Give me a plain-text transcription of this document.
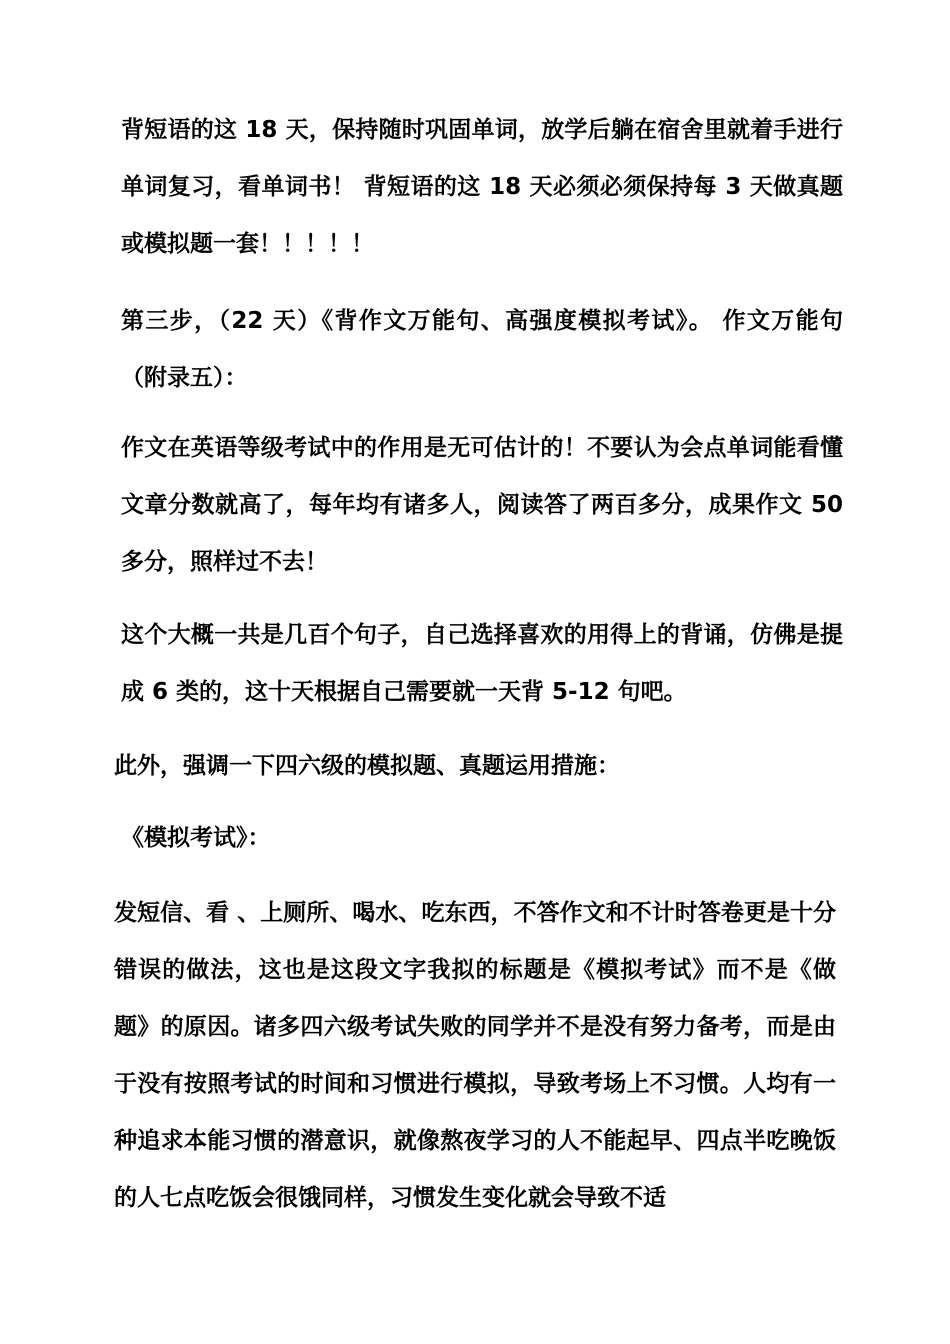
背短语的这 18 天，保持随时巩固单词，放学后躺在宿舍里就着手进行单词复习，看单词书！ 背短语的这 18 天必须必须保持每 3 天做真题或模拟题一套！！！！！

第三步，（22 天）《背作文万能句、高强度模拟考试》。 作文万能句（附录五）：

作文在英语等级考试中的作用是无可估计的！不要认为会点单词能看懂文章分数就高了，每年均有诸多人，阅读答了两百多分，成果作文 50 多分，照样过不去！

这个大概一共是几百个句子，自己选择喜欢的用得上的背诵，仿佛是提成 6 类的，这十天根据自己需要就一天背 5-12 句吧。

此外，强调一下四六级的模拟题、真题运用措施：

《模拟考试》：

发短信、看 、上厕所、喝水、吃东西，不答作文和不计时答卷更是十分错误的做法，这也是这段文字我拟的标题是《模拟考试》而不是《做题》的原因。诸多四六级考试失败的同学并不是没有努力备考，而是由于没有按照考试的时间和习惯进行模拟，导致考场上不习惯。人均有一种追求本能习惯的潜意识，就像熬夜学习的人不能起早、四点半吃晚饭的人七点吃饭会很饿同样，习惯发生变化就会导致不适
